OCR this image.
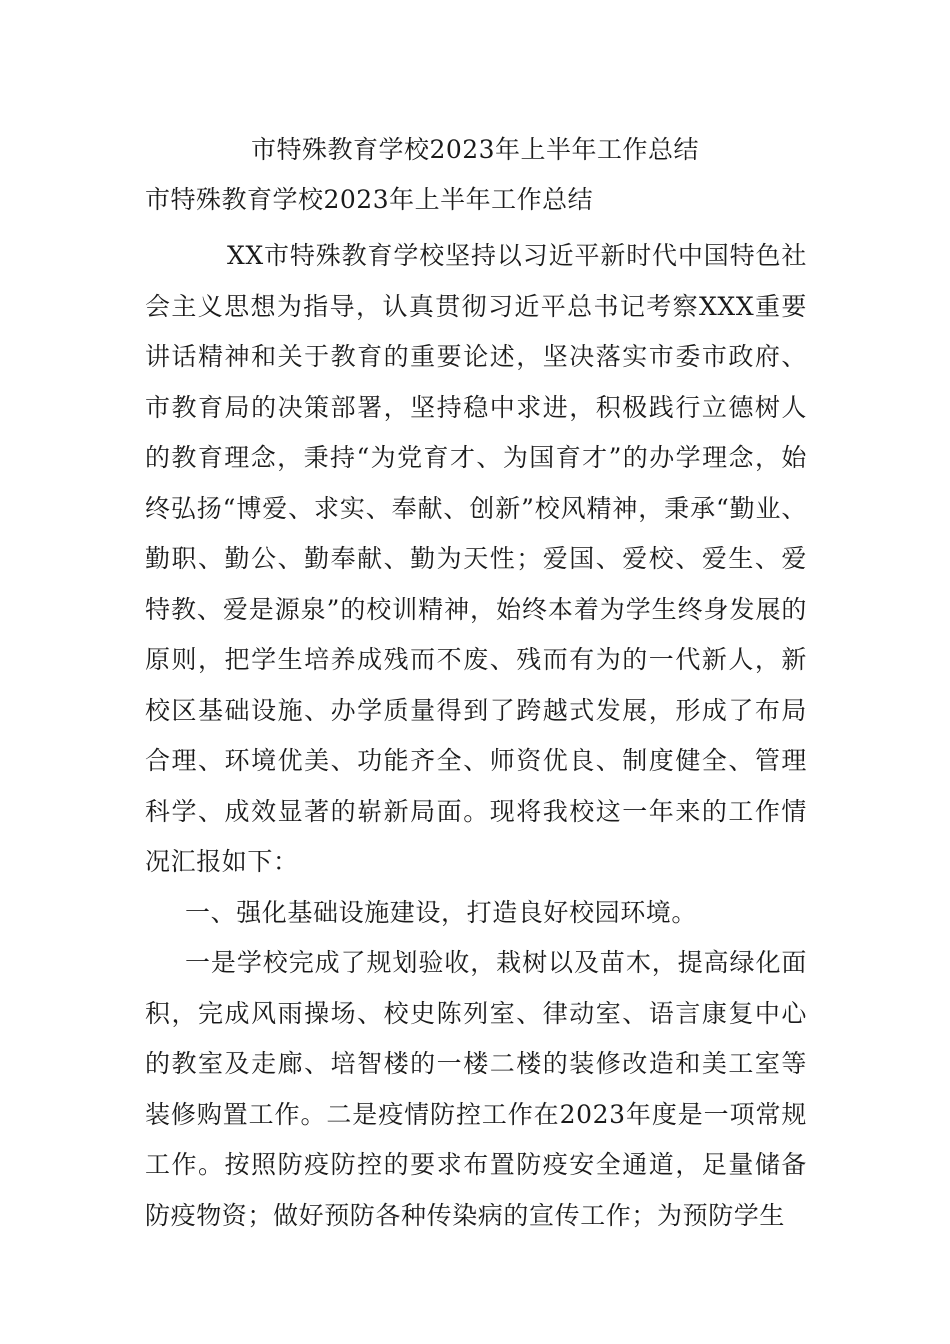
市特殊教育学校2023年上半年工作总结
市特殊教育学校2023年上半年工作总结

XX市特殊教育学校坚持以习近平新时代中国特色社会主义思想为指导，认真贯彻习近平总书记考察XXX重要讲话精神和关于教育的重要论述，坚决落实市委市政府、市教育局的决策部署，坚持稳中求进，积极践行立德树人的教育理念，秉持“为党育才、为国育才”的办学理念，始终弘扬“博爱、求实、奉献、创新”校风精神，秉承“勤业、勤职、勤公、勤奉献、勤为天性；爱国、爱校、爱生、爱特教、爱是源泉”的校训精神，始终本着为学生终身发展的原则，把学生培养成残而不废、残而有为的一代新人，新校区基础设施、办学质量得到了跨越式发展，形成了布局合理、环境优美、功能齐全、师资优良、制度健全、管理科学、成效显著的崭新局面。现将我校这一年来的工作情况汇报如下：

一、强化基础设施建设，打造良好校园环境。

一是学校完成了规划验收，栽树以及苗木，提高绿化面积，完成风雨操场、校史陈列室、律动室、语言康复中心的教室及走廊、培智楼的一楼二楼的装修改造和美工室等装修购置工作。二是疫情防控工作在2023年度是一项常规工作。按照防疫防控的要求布置防疫安全通道，足量储备防疫物资；做好预防各种传染病的宣传工作；为预防学生
